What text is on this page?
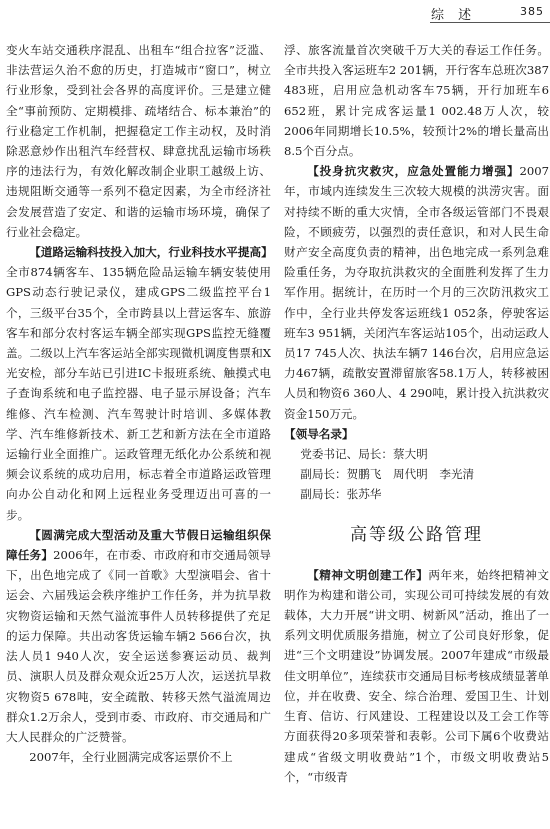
综 述	385

变火车站交通秩序混乱、出租车“组合拉客”泛滥、非法营运久治不愈的历史，打造城市“窗口”，树立行业形象，受到社会各界的高度评价。三是建立健全“事前预防、定期模排、疏堵结合、标本兼治”的行业稳定工作机制，把握稳定工作主动权，及时消除恶意炒作出租汽车经营权、肆意扰乱运输市场秩序的违法行为，有效化解改制企业职工越级上访、违规阻断交通等一系列不稳定因素，为全市经济社会发展营造了安定、和谐的运输市场环境，确保了行业社会稳定。

【道路运输科技投入加大，行业科技水平提高】全市874辆客车、135辆危险品运输车辆安装使用GPS动态行驶记录仪，建成GPS二级监控平台1个，三级平台35个，全市跨县以上营运客车、旅游客车和部分农村客运车辆全部实现GPS监控无缝覆盖。二级以上汽车客运站全部实现微机调度售票和X光安检，部分车站已引进IC卡报班系统、触摸式电子查询系统和电子监控器、电子显示屏设备；汽车维修、汽车检测、汽车驾驶计时培训、多媒体教学、汽车维修新技术、新工艺和新方法在全市道路运输行业全面推广。运政管理无纸化办公系统和视频会议系统的成功启用，标志着全市道路运政管理向办公自动化和网上远程业务受理迈出可喜的一步。

【圆满完成大型活动及重大节假日运输组织保障任务】2006年，在市委、市政府和市交通局领导下，出色地完成了《同一首歌》大型演唱会、省十运会、六届残运会秩序维护工作任务，并为抗旱救灾物资运输和天然气溢流事件人员转移提供了充足的运力保障。共出动客货运输车辆2 566台次，执法人员1 940人次，安全运送参赛运动员、裁判员、演职人员及群众观众近25万人次，运送抗旱救灾物资5 678吨，安全疏散、转移天然气溢流周边群众1.2万余人，受到市委、市政府、市交通局和广大人民群众的广泛赞誉。

2007年，全行业圆满完成客运票价不上

浮、旅客流量首次突破千万大关的春运工作任务。全市共投入客运班车2 201辆，开行客车总班次387 483班，启用应急机动客车75辆，开行加班车6 652班，累计完成客运量1 002.48万人次，较2006年同期增长10.5%，较预计2%的增长量高出8.5个百分点。

【投身抗灾救灾，应急处置能力增强】2007年，市域内连续发生三次较大规模的洪涝灾害。面对持续不断的重大灾情，全市各级运管部门不畏艰险，不顾疲劳，以强烈的责任意识，和对人民生命财产安全高度负责的精神，出色地完成一系列急难险重任务，为夺取抗洪救灾的全面胜利发挥了生力军作用。据统计，在历时一个月的三次防汛救灾工作中，全行业共停发客运班线1 052条，停驶客运班车3 951辆，关闭汽车客运站105个，出动运政人员17 745人次、执法车辆7 146台次，启用应急运力467辆，疏散安置滞留旅客58.1万人，转移被困人员和物资6 360人、4 290吨，累计投入抗洪救灾资金150万元。

【领导名录】
党委书记、局长：蔡大明
副局长：贺鹏飞　周代明　李光清
副局长：张苏华
高等级公路管理

【精神文明创建工作】两年来，始终把精神文明作为构建和谐公司，实现公司可持续发展的有效载体，大力开展“讲文明、树新风”活动，推出了一系列文明优质服务措施，树立了公司良好形象，促进“三个文明建设”协调发展。2007年建成“市级最佳文明单位”，连续获市交通局目标考核成绩显著单位，并在收费、安全、综合治理、爱国卫生、计划生育、信访、行风建设、工程建设以及工会工作等方面获得20多项荣誉和表彰。公司下属6个收费站建成“省级文明收费站”1个，市级文明收费站5个，“市级青
